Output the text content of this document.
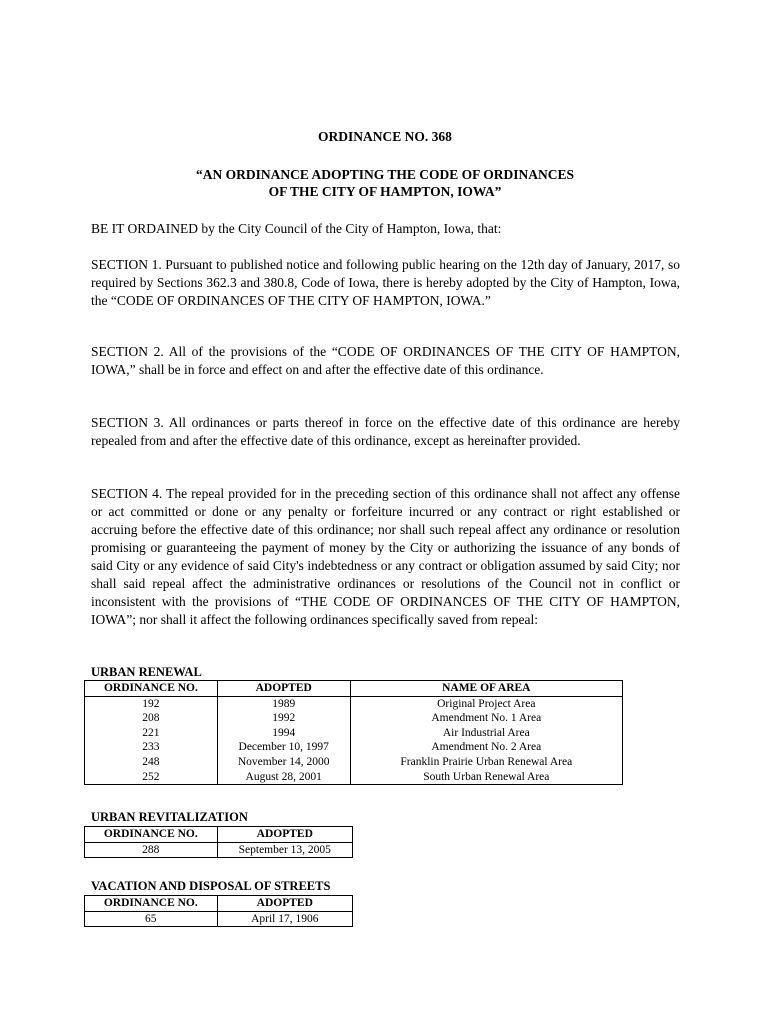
ORDINANCE NO. 368

“AN ORDINANCE ADOPTING THE CODE OF ORDINANCES

OF THE CITY OF HAMPTON, IOWA”

BE IT ORDAINED by the City Council of the City of Hampton, Iowa, that:

SECTION 1. Pursuant to published notice and following public hearing on the 12th day of January, 2017, so required by Sections 362.3 and 380.8, Code of Iowa, there is hereby adopted by the City of Hampton, Iowa, the “CODE OF ORDINANCES OF THE CITY OF HAMPTON, IOWA.”

SECTION 2. All of the provisions of the “CODE OF ORDINANCES OF THE CITY OF HAMPTON, IOWA,” shall be in force and effect on and after the effective date of this ordinance.

SECTION 3. All ordinances or parts thereof in force on the effective date of this ordinance are hereby repealed from and after the effective date of this ordinance, except as hereinafter provided.

SECTION 4. The repeal provided for in the preceding section of this ordinance shall not affect any offense or act committed or done or any penalty or forfeiture incurred or any contract or right established or accruing before the effective date of this ordinance; nor shall such repeal affect any ordinance or resolution promising or guaranteeing the payment of money by the City or authorizing the issuance of any bonds of said City or any evidence of said City's indebtedness or any contract or obligation assumed by said City; nor shall said repeal affect the administrative ordinances or resolutions of the Council not in conflict or inconsistent with the provisions of “THE CODE OF ORDINANCES OF THE CITY OF HAMPTON, IOWA”; nor shall it affect the following ordinances specifically saved from repeal:

URBAN RENEWAL

ORDINANCE NO.	ADOPTED	NAME OF AREA
192	1989	Original Project Area
208	1992	Amendment No. 1 Area
221	1994	Air Industrial Area
233	December 10, 1997	Amendment No. 2 Area
248	November 14, 2000	Franklin Prairie Urban Renewal Area
252	August 28, 2001	South Urban Renewal Area

URBAN REVITALIZATION

ORDINANCE NO.	ADOPTED
288	September 13, 2005

VACATION AND DISPOSAL OF STREETS

ORDINANCE NO.	ADOPTED
65	April 17, 1906
